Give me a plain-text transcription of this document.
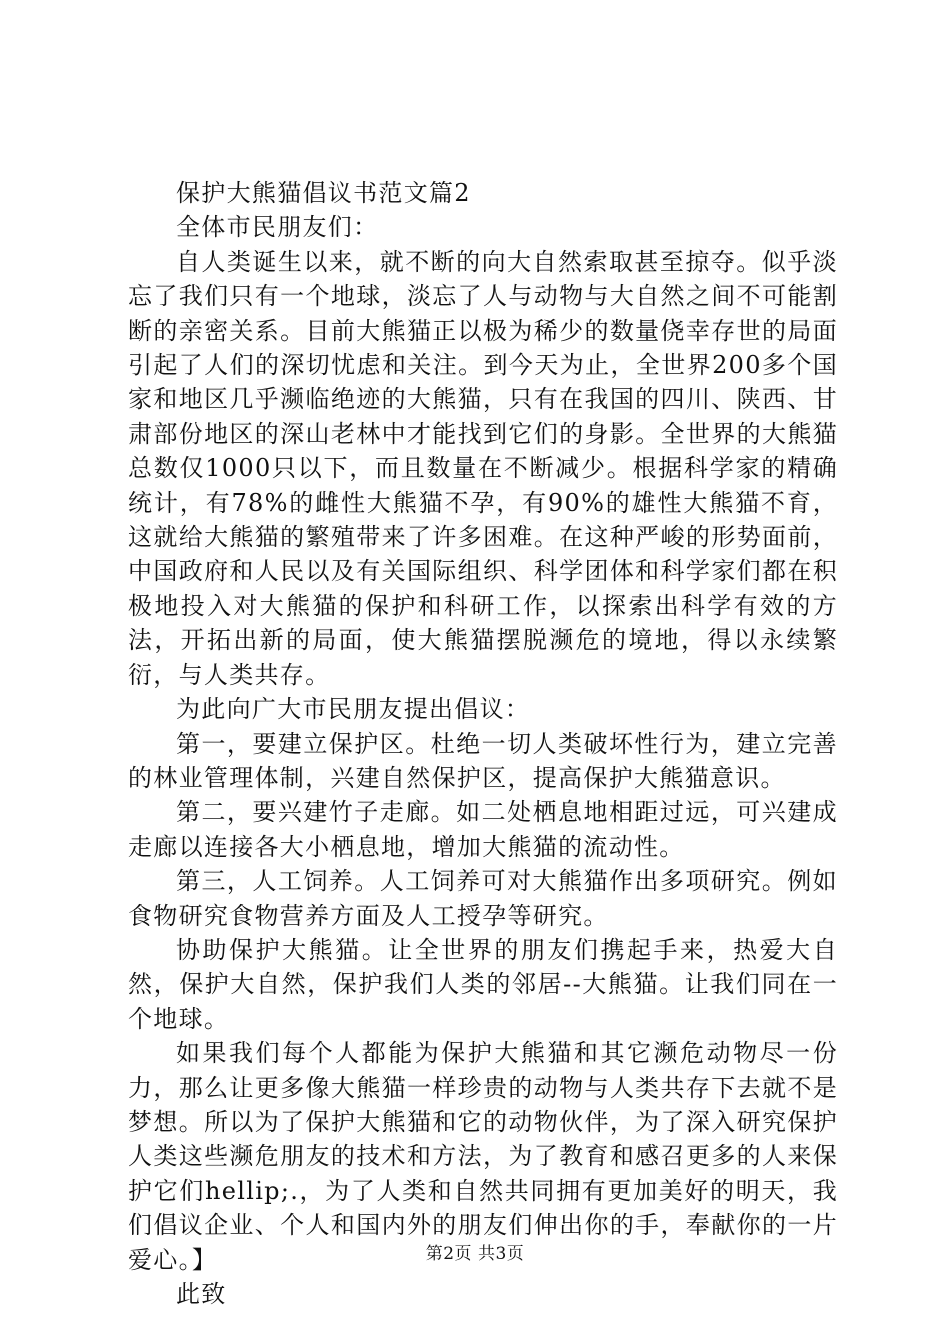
保护大熊猫倡议书范文篇2

全体市民朋友们：

自人类诞生以来，就不断的向大自然索取甚至掠夺。似乎淡忘了我们只有一个地球，淡忘了人与动物与大自然之间不可能割断的亲密关系。目前大熊猫正以极为稀少的数量侥幸存世的局面引起了人们的深切忧虑和关注。到今天为止，全世界200多个国家和地区几乎濒临绝迹的大熊猫，只有在我国的四川、陕西、甘肃部份地区的深山老林中才能找到它们的身影。全世界的大熊猫总数仅1000只以下，而且数量在不断减少。根据科学家的精确统计，有78%的雌性大熊猫不孕，有90%的雄性大熊猫不育，这就给大熊猫的繁殖带来了许多困难。在这种严峻的形势面前，中国政府和人民以及有关国际组织、科学团体和科学家们都在积极地投入对大熊猫的保护和科研工作，以探索出科学有效的方法，开拓出新的局面，使大熊猫摆脱濒危的境地，得以永续繁衍，与人类共存。

为此向广大市民朋友提出倡议：

第一，要建立保护区。杜绝一切人类破坏性行为，建立完善的林业管理体制，兴建自然保护区，提高保护大熊猫意识。

第二，要兴建竹子走廊。如二处栖息地相距过远，可兴建成走廊以连接各大小栖息地，增加大熊猫的流动性。

第三，人工饲养。人工饲养可对大熊猫作出多项研究。例如食物研究食物营养方面及人工授孕等研究。

协助保护大熊猫。让全世界的朋友们携起手来，热爱大自然，保护大自然，保护我们人类的邻居--大熊猫。让我们同在一个地球。

如果我们每个人都能为保护大熊猫和其它濒危动物尽一份力，那么让更多像大熊猫一样珍贵的动物与人类共存下去就不是梦想。所以为了保护大熊猫和它的动物伙伴，为了深入研究保护人类这些濒危朋友的技术和方法，为了教育和感召更多的人来保护它们hellip;.，为了人类和自然共同拥有更加美好的明天，我们倡议企业、个人和国内外的朋友们伸出你的手，奉献你的一片爱心。】

此致

第2页 共3页
